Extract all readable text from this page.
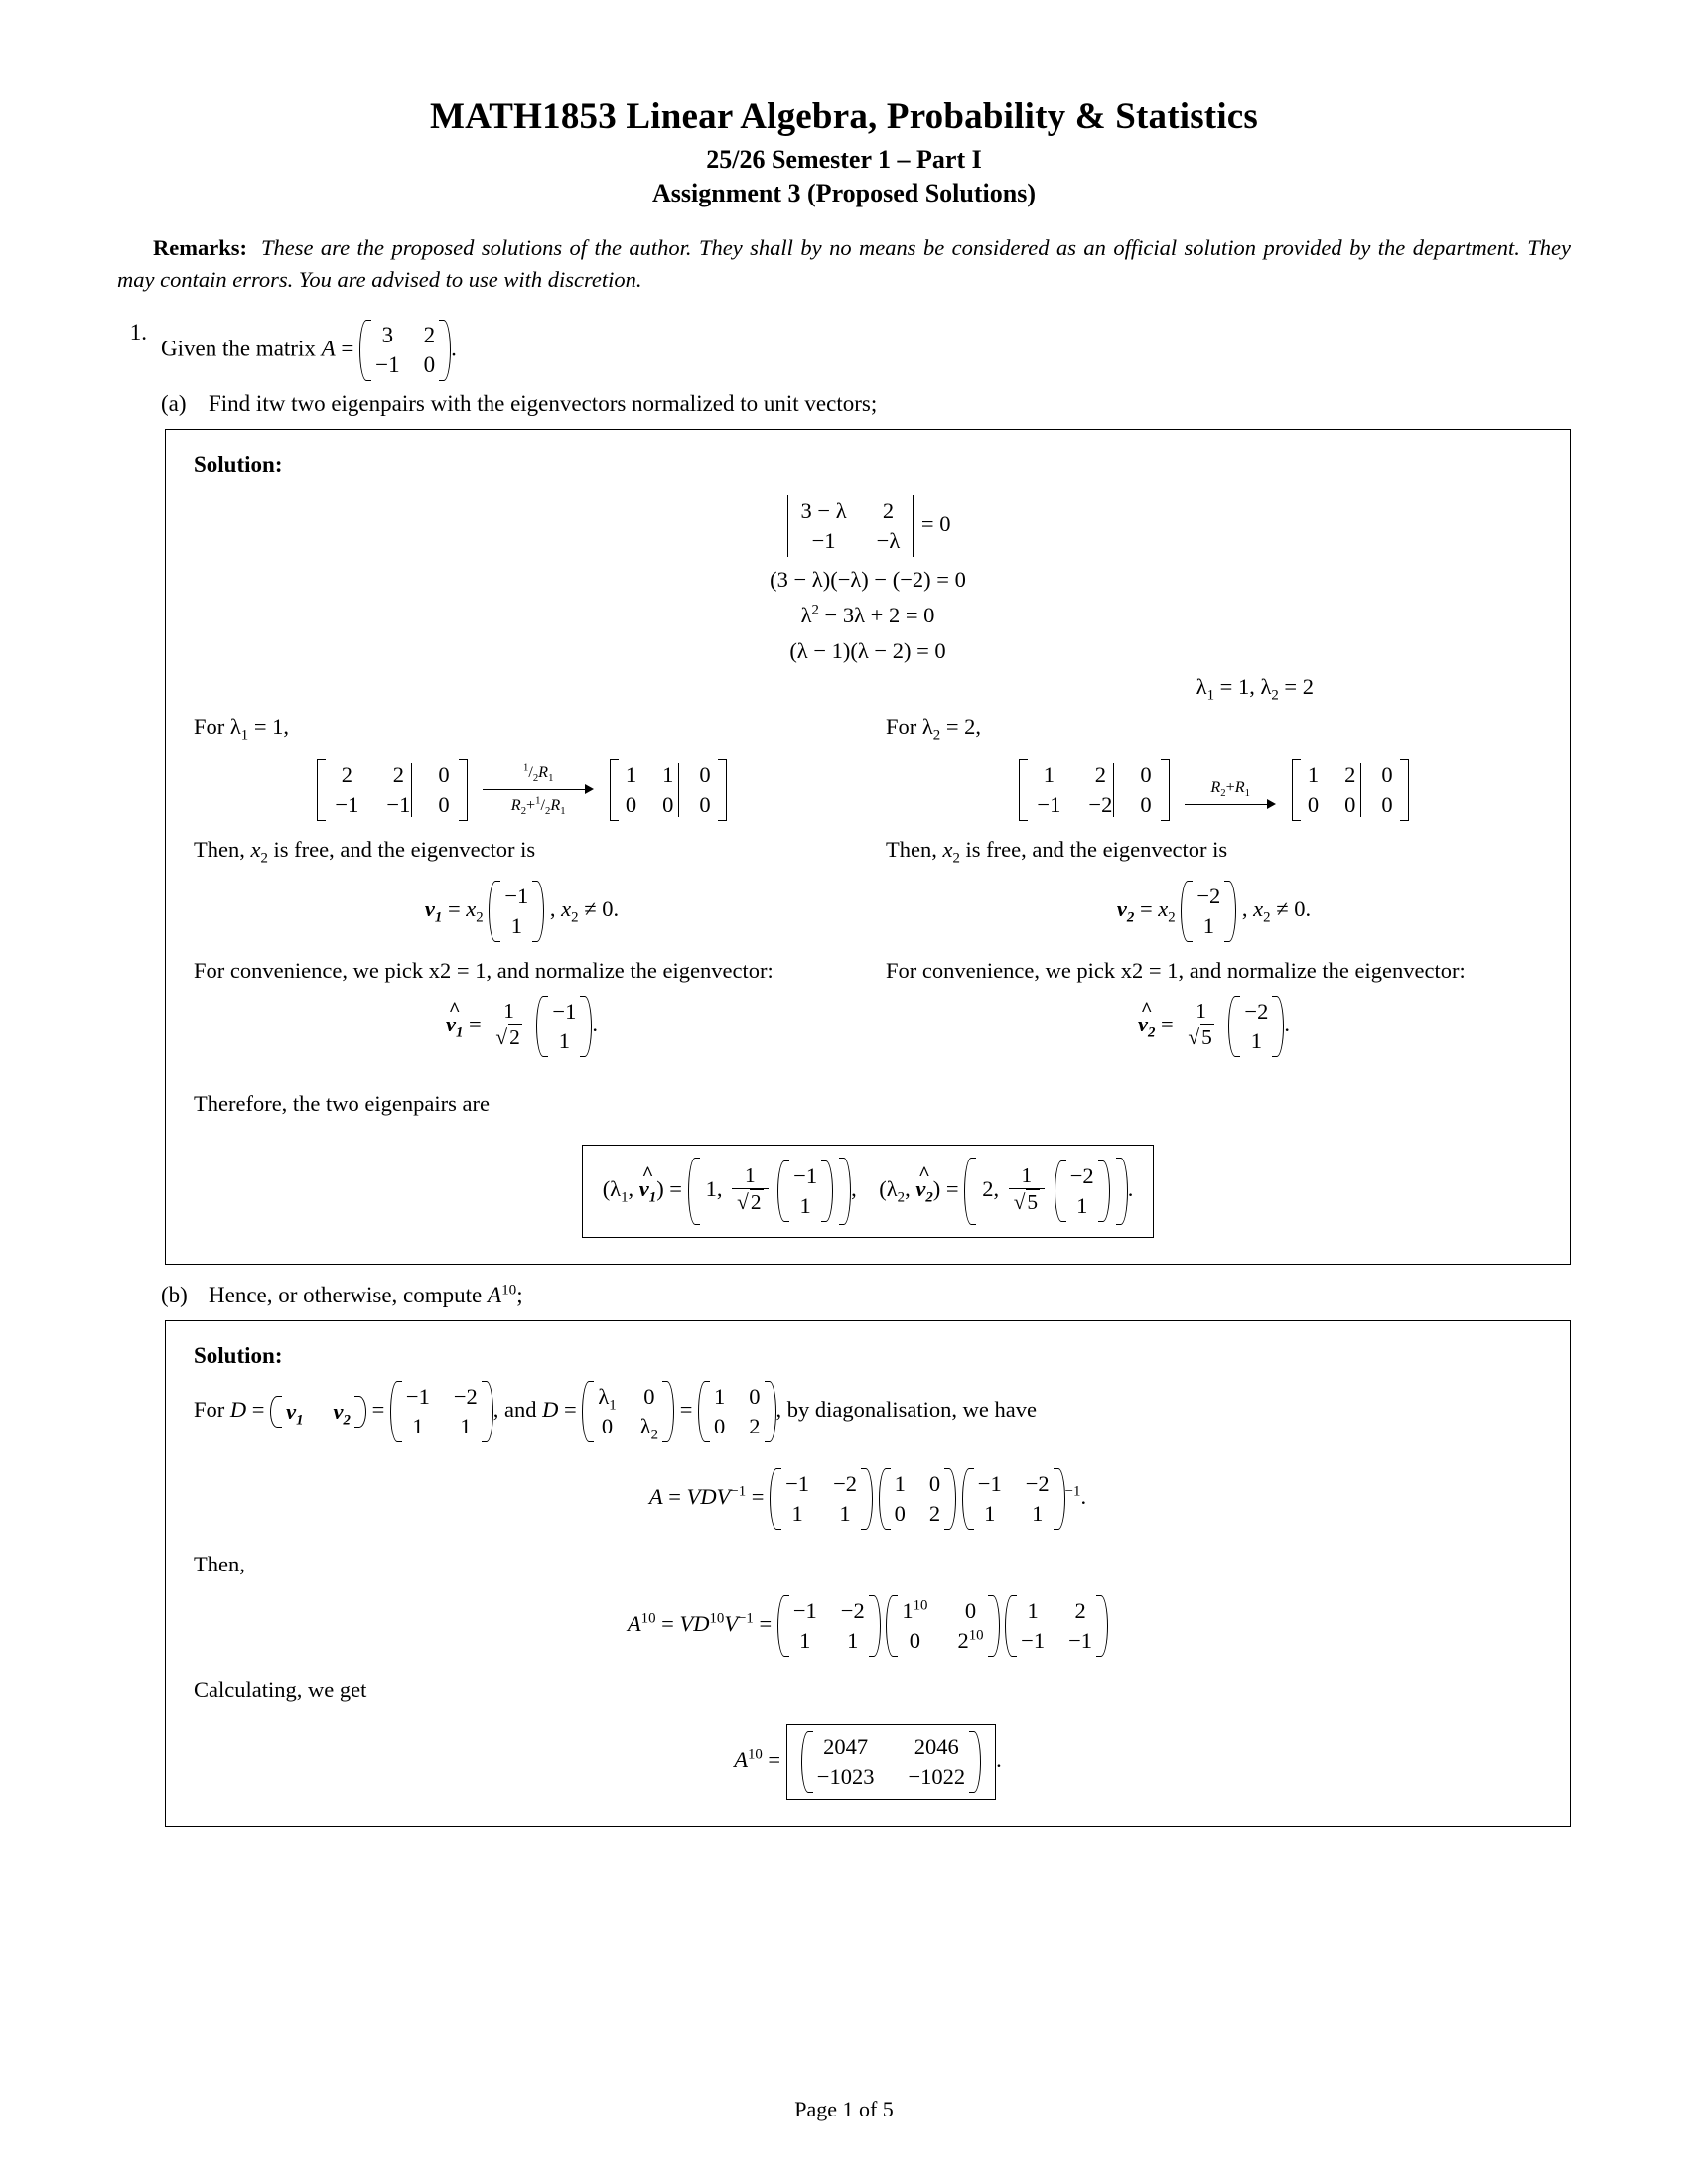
MATH1853 Linear Algebra, Probability & Statistics
25/26 Semester 1 – Part I
Assignment 3 (Proposed Solutions)
Remarks: These are the proposed solutions of the author. They shall by no means be considered as an official solution provided by the department. They may contain errors. You are advised to use with discretion.
1.
Given the matrix A =
3 2
−1 0
.
(a) Find itw two eigenpairs with the eigenvectors normalized to unit vectors;
Solution:
3 − λ 2
−1 −λ
= 0
(3 − λ)(−λ) − (−2) = 0
$\lambda^2 - 3\lambda + 2 = 0$
(λ − 1)(λ − 2) = 0
$\lambda_1 = 1$, $\lambda_2 = 2$
For $\lambda_1 = 1$,
2 2 0
−1 −1 0

$^1/_2R_1$
$R_2+^1/_2R_1$

1 1 0
0 0 0
Then, $x_2$ is free, and the eigenvector is
$v_1 = x_2$
−1
1
, $x_2 \ne 0$.
For convenience, we pick x2 = 1, and normalize the eigenvector:
^
$v_1 = \frac{1}{√2}$
−1
1
.
For $\lambda_2 = 2$,
1 2 0
−1 −2 0

$R_2+R_1$

1 2 0
0 0 0
Then, $x_2$ is free, and the eigenvector is
$v_2 = x_2$
−2
1
, $x_2 \ne 0$.
For convenience, we pick x2 = 1, and normalize the eigenvector:
^
$v_2 = \frac{1}{√5}$
−2
1
.
Therefore, the two eigenpairs are
($\lambda_1$,
^
$v_1) = 1$, $\frac{1}{√2}$
−1
1
,    ($\lambda_2$,
^
$v_2) = 2$, $\frac{1}{√5}$
−2
1
.
(b) Hence, or otherwise, compute $A^{10}$;
Solution:
For $D = v_1$ $v_2$ =
−1 −2
1 1
, and D =
$\lambda_1$ 0
0 $\lambda_2$
=
1 0
0 2
, by diagonalisation, we have
$A = VDV^{-1}$ =
−1 −2
1 1

1 0
0 2

−1 −2
1 1
$^{-1}$.
Then,
$A^{10} = VD^{10}V^{-1}$ =
−1 −2
1 1

$1^{10}$ 0
0 $2^{10}$

1 2
−1 −1
Calculating, we get
$A^{10}$ =
2047 2046
−1023 −1022
.
Page 1 of 5
